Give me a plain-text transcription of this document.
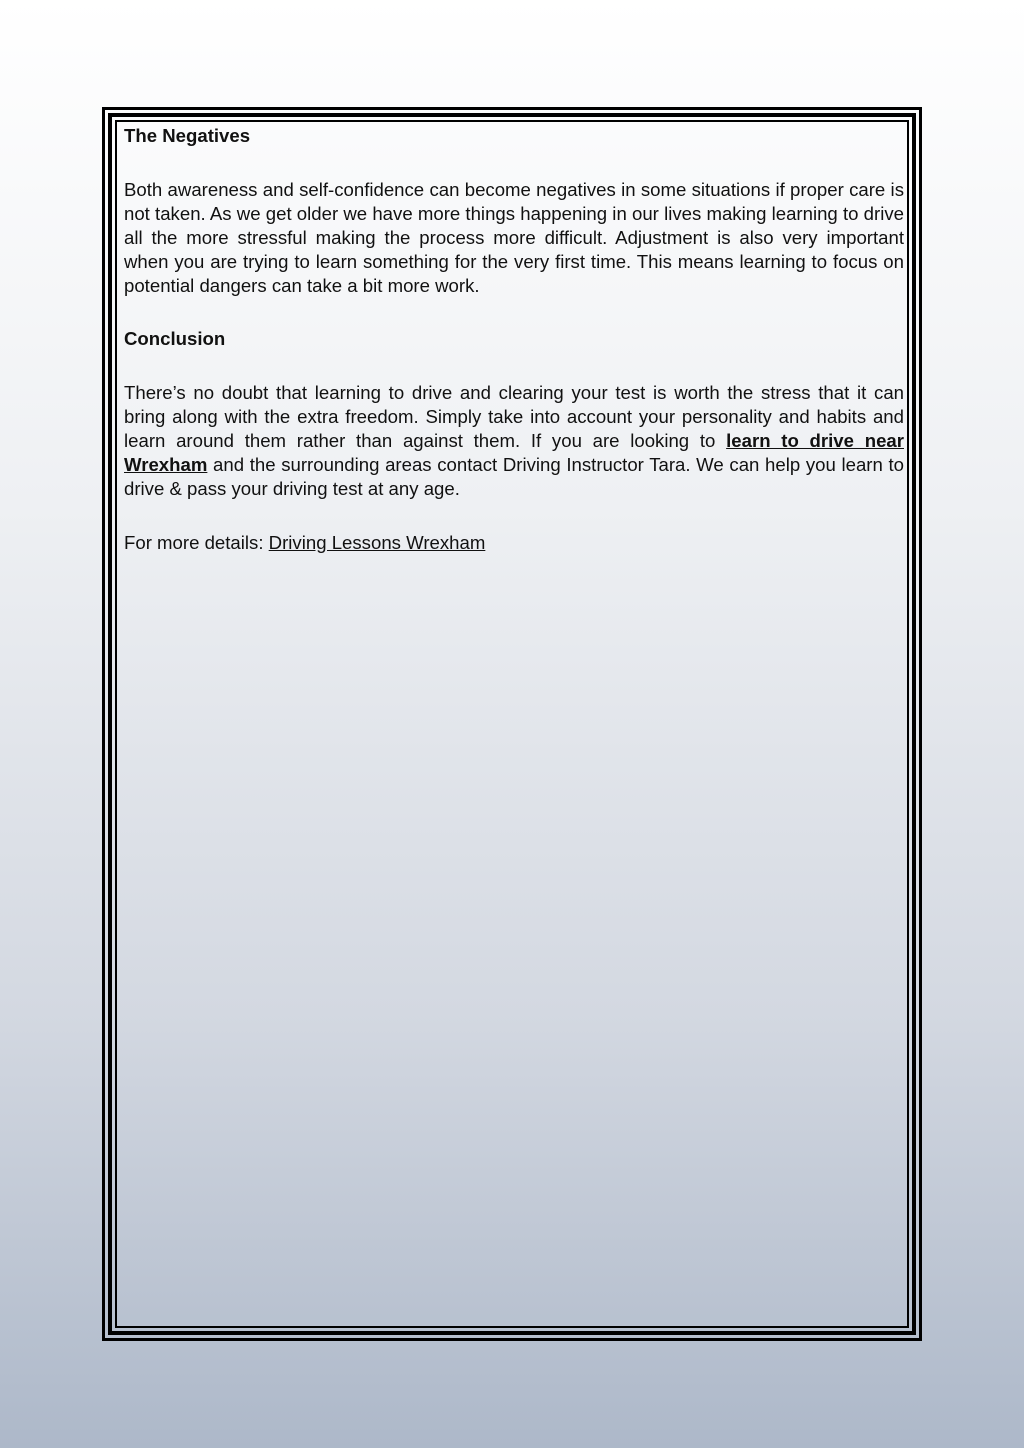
The Negatives

Both awareness and self-confidence can become negatives in some situations if proper care is not taken. As we get older we have more things happening in our lives making learning to drive all the more stressful making the process more difficult. Adjustment is also very important when you are trying to learn something for the very first time. This means learning to focus on potential dangers can take a bit more work.

Conclusion

There’s no doubt that learning to drive and clearing your test is worth the stress that it can bring along with the extra freedom. Simply take into account your personality and habits and learn around them rather than against them. If you are looking to learn to drive near Wrexham and the surrounding areas contact Driving Instructor Tara. We can help you learn to drive & pass your driving test at any age.

For more details: Driving Lessons Wrexham
